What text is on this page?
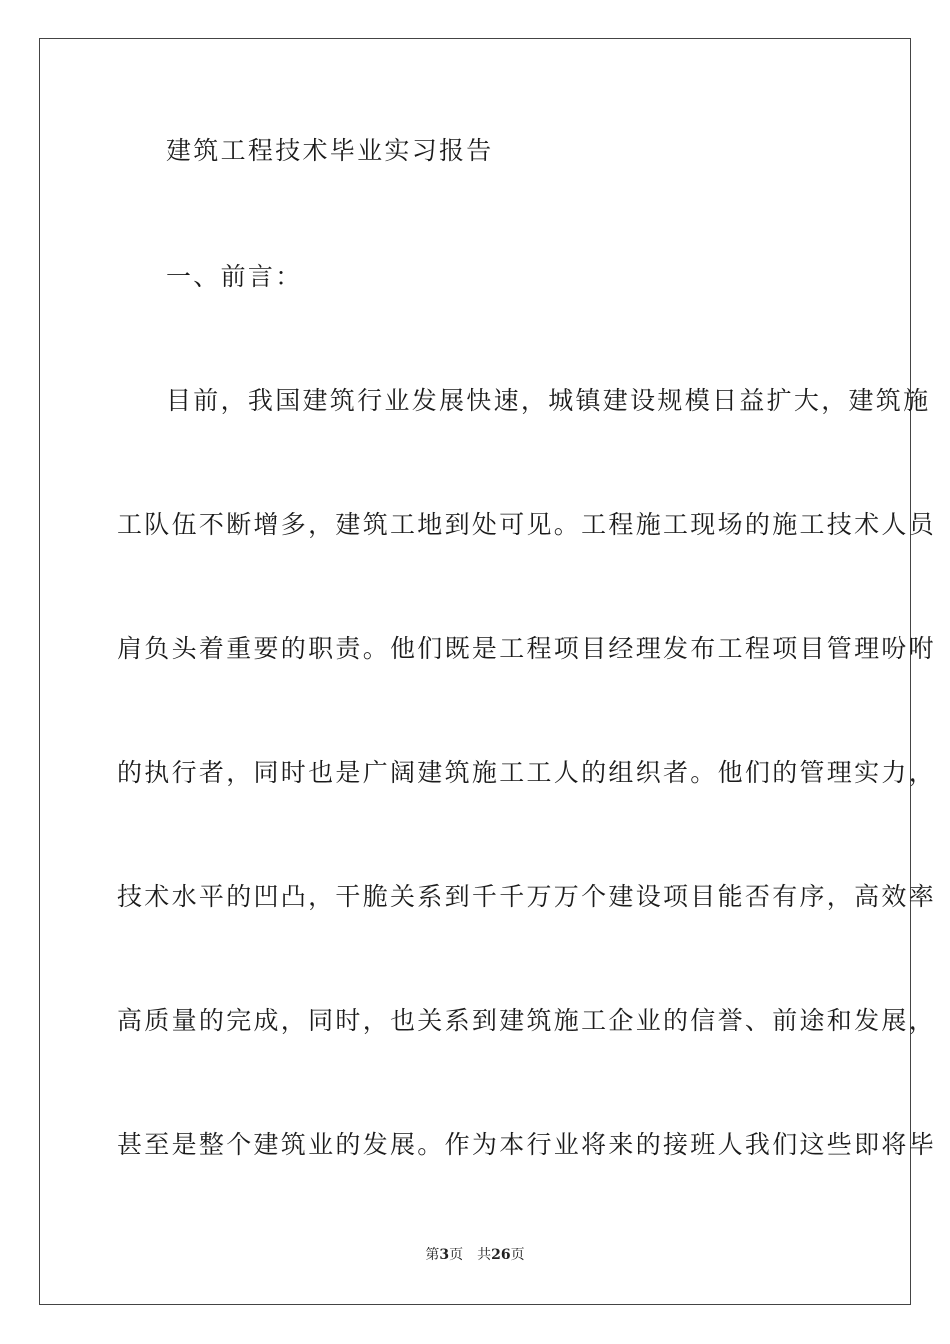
建筑工程技术毕业实习报告
一、前言：
目前，我国建筑行业发展快速，城镇建设规模日益扩大，建筑施
工队伍不断增多，建筑工地到处可见。工程施工现场的施工技术人员
肩负头着重要的职责。他们既是工程项目经理发布工程项目管理吩咐
的执行者，同时也是广阔建筑施工工人的组织者。他们的管理实力，
技术水平的凹凸，干脆关系到千千万万个建设项目能否有序，高效率
高质量的完成，同时，也关系到建筑施工企业的信誉、前途和发展，
甚至是整个建筑业的发展。作为本行业将来的接班人我们这些即将毕
第3页 共26页
